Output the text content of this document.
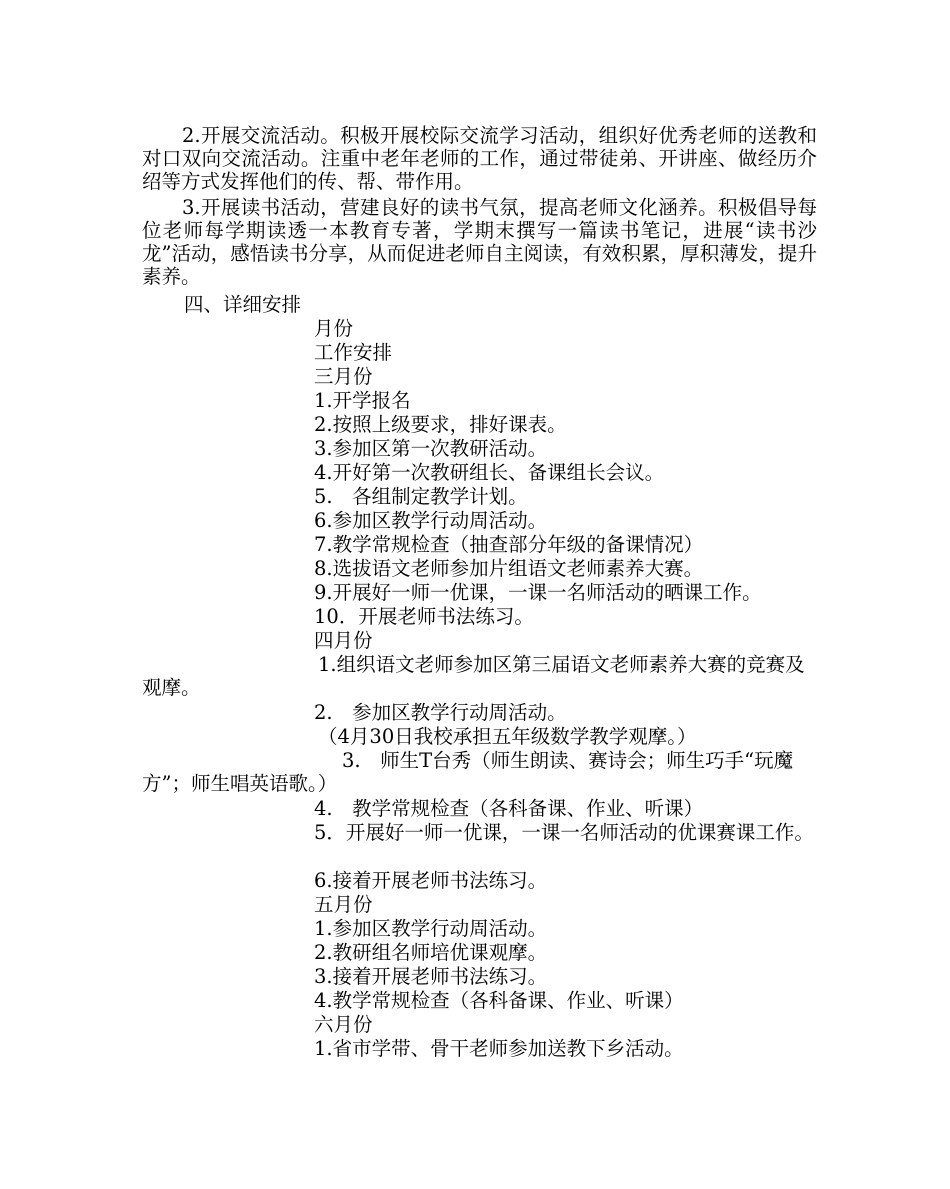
2.开展交流活动。积极开展校际交流学习活动，组织好优秀老师的送教和对口双向交流活动。注重中老年老师的工作，通过带徒弟、开讲座、做经历介绍等方式发挥他们的传、帮、带作用。

3.开展读书活动，营建良好的读书气氛，提高老师文化涵养。积极倡导每位老师每学期读透一本教育专著，学期末撰写一篇读书笔记，进展“读书沙龙”活动，感悟读书分享，从而促进老师自主阅读，有效积累，厚积薄发，提升素养。

四、详细安排

月份

工作安排

三月份

1.开学报名

2.按照上级要求，排好课表。

3.参加区第一次教研活动。

4.开好第一次教研组长、备课组长会议。

5.　各组制定教学计划。

6.参加区教学行动周活动。

7.教学常规检查（抽查部分年级的备课情况）

8.选拔语文老师参加片组语文老师素养大赛。

9.开展好一师一优课，一课一名师活动的晒课工作。

10．开展老师书法练习。

四月份

1.组织语文老师参加区第三届语文老师素养大赛的竞赛及观摩。

2.　参加区教学行动周活动。

（4月30日我校承担五年级数学教学观摩。）

3.　师生T台秀（师生朗读、赛诗会；师生巧手“玩魔方”；师生唱英语歌。）

4.　教学常规检查（各科备课、作业、听课）

5．开展好一师一优课，一课一名师活动的优课赛课工作。

6.接着开展老师书法练习。

五月份

1.参加区教学行动周活动。

2.教研组名师培优课观摩。

3.接着开展老师书法练习。

4.教学常规检查（各科备课、作业、听课）

六月份

1.省市学带、骨干老师参加送教下乡活动。
